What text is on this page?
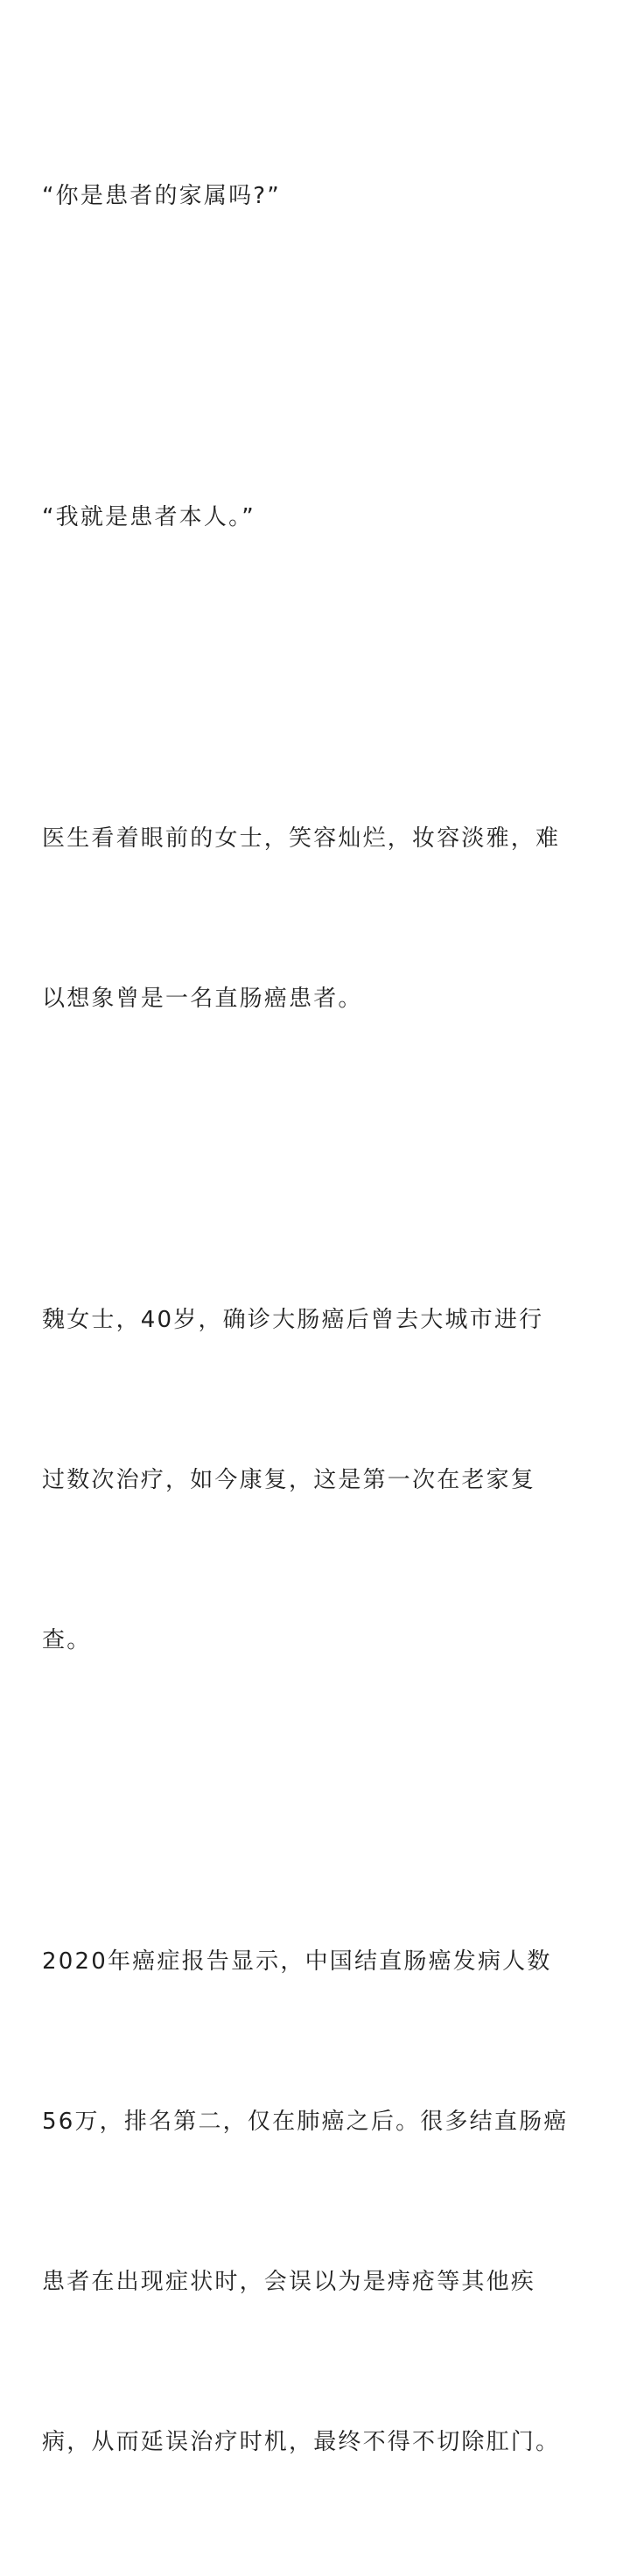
“你是患者的家属吗?”

“我就是患者本人。”

医生看着眼前的女士，笑容灿烂，妆容淡雅，难

以想象曾是一名直肠癌患者。

魏女士，40岁，确诊大肠癌后曾去大城市进行

过数次治疗，如今康复，这是第一次在老家复

查。

2020年癌症报告显示，中国结直肠癌发病人数

56万，排名第二，仅在肺癌之后。很多结直肠癌

患者在出现症状时，会误以为是痔疮等其他疾

病，从而延误治疗时机，最终不得不切除肛门。
